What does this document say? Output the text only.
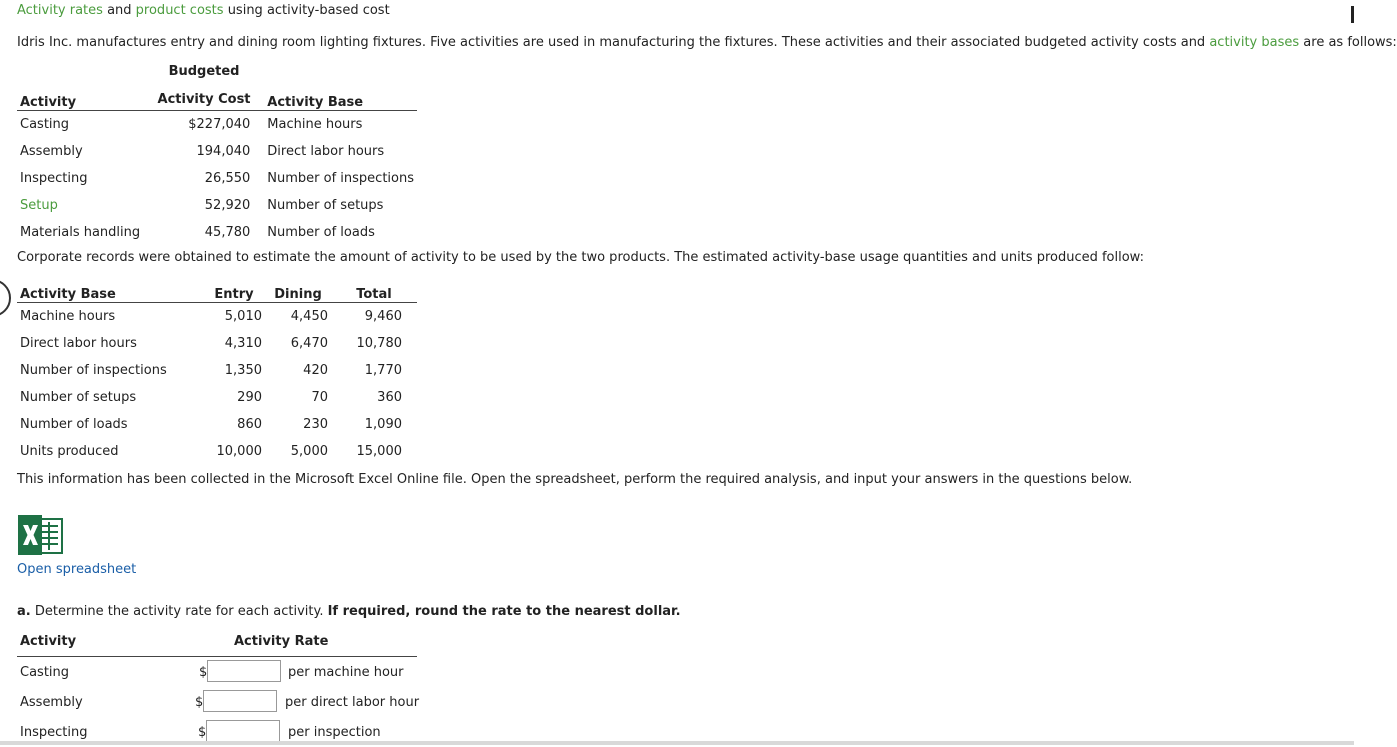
Activity rates and product costs using activity-based cost
Idris Inc. manufactures entry and dining room lighting fixtures. Five activities are used in manufacturing the fixtures. These activities and their associated budgeted activity costs and activity bases are as follows:
	Budgeted	
Activity	Activity Cost	Activity Base
Casting	$227,040	Machine hours
Assembly	194,040	Direct labor hours
Inspecting	26,550	Number of inspections
Setup	52,920	Number of setups
Materials handling	45,780	Number of loads
Corporate records were obtained to estimate the amount of activity to be used by the two products. The estimated activity-base usage quantities and units produced follow:
Activity Base	Entry	Dining	Total
Machine hours	5,010	4,450	9,460
Direct labor hours	4,310	6,470	10,780
Number of inspections	1,350	420	1,770
Number of setups	290	70	360
Number of loads	860	230	1,090
Units produced	10,000	5,000	15,000
This information has been collected in the Microsoft Excel Online file. Open the spreadsheet, perform the required analysis, and input your answers in the questions below.
Open spreadsheet
a. Determine the activity rate for each activity. If required, round the rate to the nearest dollar.
Activity	Activity Rate
Casting	$	per machine hour
Assembly	$	per direct labor hour
Inspecting	$	per inspection
